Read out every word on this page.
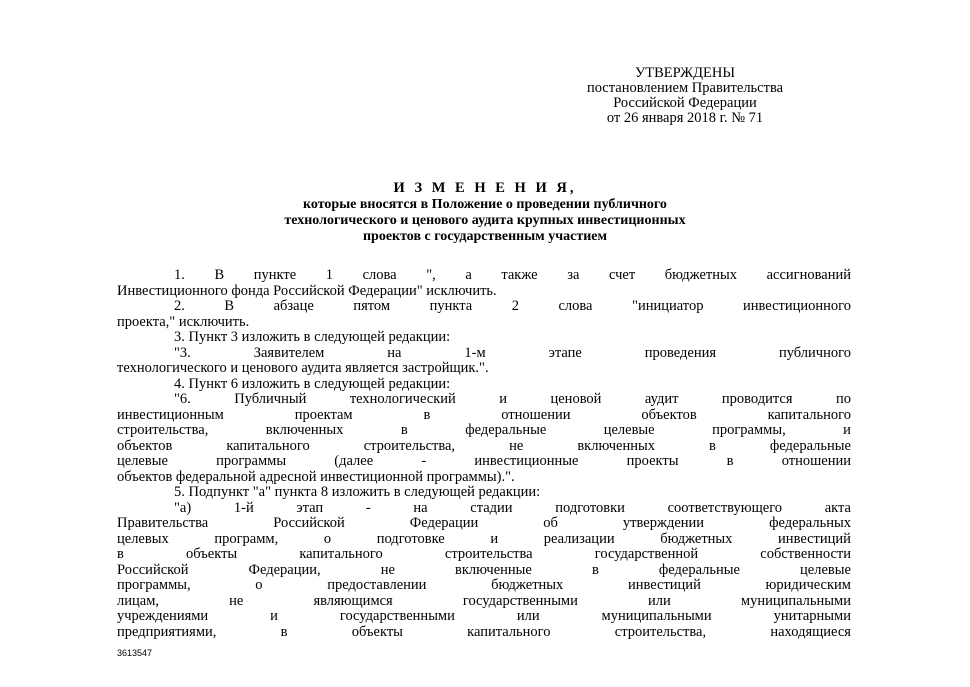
УТВЕРЖДЕНЫ
постановлением Правительства
Российской Федерации
от 26 января 2018 г. № 71
И З М Е Н Е Н И Я,
которые вносятся в Положение о проведении публичного
технологического и ценового аудита крупных инвестиционных
проектов с государственным участием
1. В пункте 1 слова ", а также за счет бюджетных ассигнований
Инвестиционного фонда Российской Федерации" исключить.
2.	В	абзаце	пятом	пункта	2	слова	"инициатор	инвестиционного
проекта," исключить.
3. Пункт 3 изложить в следующей редакции:
"3.	Заявителем	на	1-м	этапе	проведения	публичного
технологического и ценового аудита является застройщик.".
4. Пункт 6 изложить в следующей редакции:
"6.	Публичный	технологический	и	ценовой	аудит	проводится	по
инвестиционным	проектам	в	отношении	объектов	капитального
строительства,	включенных	в	федеральные	целевые	программы,	и
объектов	капитального	строительства,	не	включенных	в	федеральные
целевые	программы	(далее	-	инвестиционные	проекты	в	отношении
объектов федеральной адресной инвестиционной программы).".
5. Подпункт "а" пункта 8 изложить в следующей редакции:
"а)	1-й	этап	-	на	стадии	подготовки	соответствующего	акта
Правительства	Российской	Федерации	об	утверждении	федеральных
целевых	программ,	о	подготовке	и	реализации	бюджетных	инвестиций
в	объекты	капитального	строительства	государственной	собственности
Российской	Федерации,	не	включенные	в	федеральные	целевые
программы,	о	предоставлении	бюджетных	инвестиций	юридическим
лицам,	не	являющимся	государственными	или	муниципальными
учреждениями	и	государственными	или	муниципальными	унитарными
предприятиями,	в	объекты	капитального	строительства,	находящиеся
3613547
